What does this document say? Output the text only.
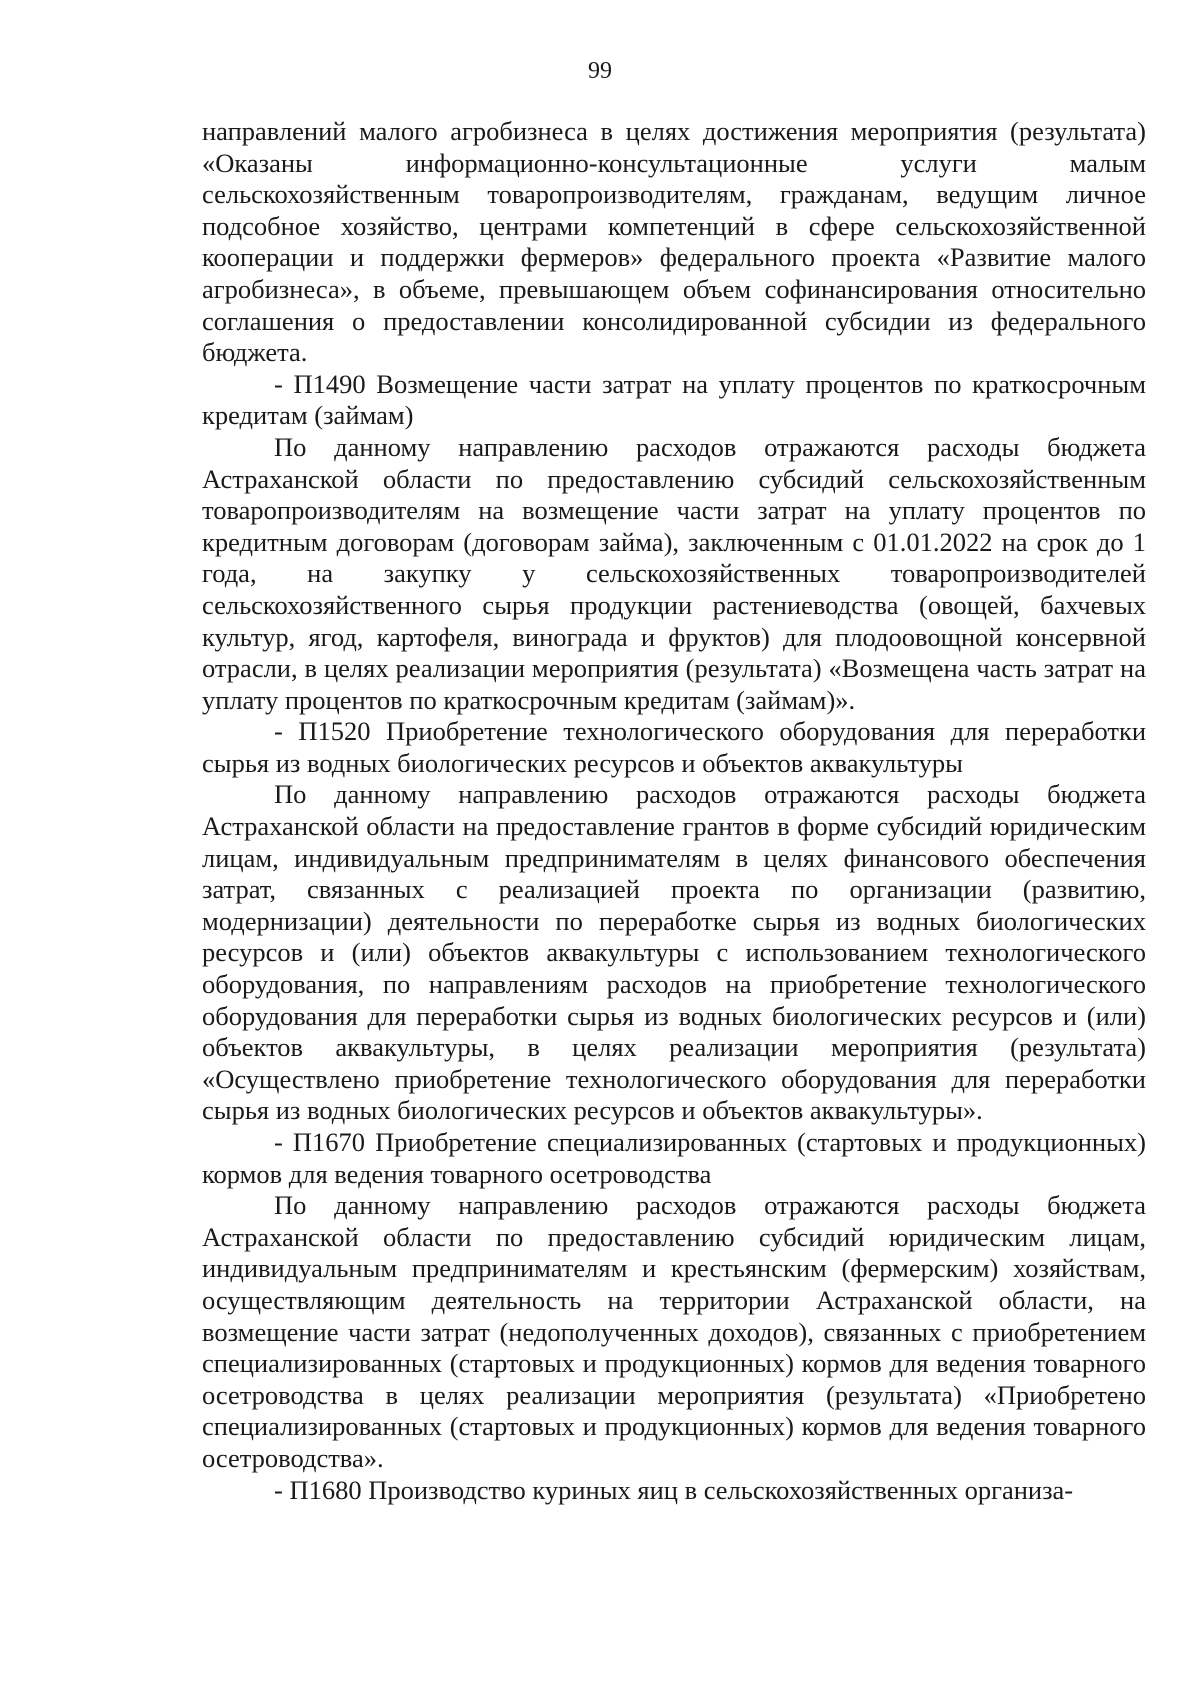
99

направлений малого агробизнеса в целях достижения мероприятия (результата) «Оказаны информационно-консультационные услуги малым сельскохозяйственным товаропроизводителям, гражданам, ведущим личное подсобное хозяйство, центрами компетенций в сфере сельскохозяйственной кооперации и поддержки фермеров» федерального проекта «Развитие малого агробизнеса», в объеме, превышающем объем софинансирования относительно соглашения о предоставлении консолидированной субсидии из федерального бюджета.

- П1490 Возмещение части затрат на уплату процентов по краткосрочным кредитам (займам)

По данному направлению расходов отражаются расходы бюджета Астраханской области по предоставлению субсидий сельскохозяйственным товаропроизводителям на возмещение части затрат на уплату процентов по кредитным договорам (договорам займа), заключенным с 01.01.2022 на срок до 1 года, на закупку у сельскохозяйственных товаропроизводителей сельскохозяйственного сырья продукции растениеводства (овощей, бахчевых культур, ягод, картофеля, винограда и фруктов) для плодоовощной консервной отрасли, в целях реализации мероприятия (результата) «Возмещена часть затрат на уплату процентов по краткосрочным кредитам (займам)».

- П1520 Приобретение технологического оборудования для переработки сырья из водных биологических ресурсов и объектов аквакультуры

По данному направлению расходов отражаются расходы бюджета Астраханской области на предоставление грантов в форме субсидий юридическим лицам, индивидуальным предпринимателям в целях финансового обеспечения затрат, связанных с реализацией проекта по организации (развитию, модернизации) деятельности по переработке сырья из водных биологических ресурсов и (или) объектов аквакультуры с использованием технологического оборудования, по направлениям расходов на приобретение технологического оборудования для переработки сырья из водных биологических ресурсов и (или) объектов аквакультуры, в целях реализации мероприятия (результата) «Осуществлено приобретение технологического оборудования для переработки сырья из водных биологических ресурсов и объектов аквакультуры».

- П1670 Приобретение специализированных (стартовых и продукционных) кормов для ведения товарного осетроводства

По данному направлению расходов отражаются расходы бюджета Астраханской области по предоставлению субсидий юридическим лицам, индивидуальным предпринимателям и крестьянским (фермерским) хозяйствам, осуществляющим деятельность на территории Астраханской области, на возмещение части затрат (недополученных доходов), связанных с приобретением специализированных (стартовых и продукционных) кормов для ведения товарного осетроводства в целях реализации мероприятия (результата) «Приобретено специализированных (стартовых и продукционных) кормов для ведения товарного осетроводства».

- П1680 Производство куриных яиц в сельскохозяйственных организа-
